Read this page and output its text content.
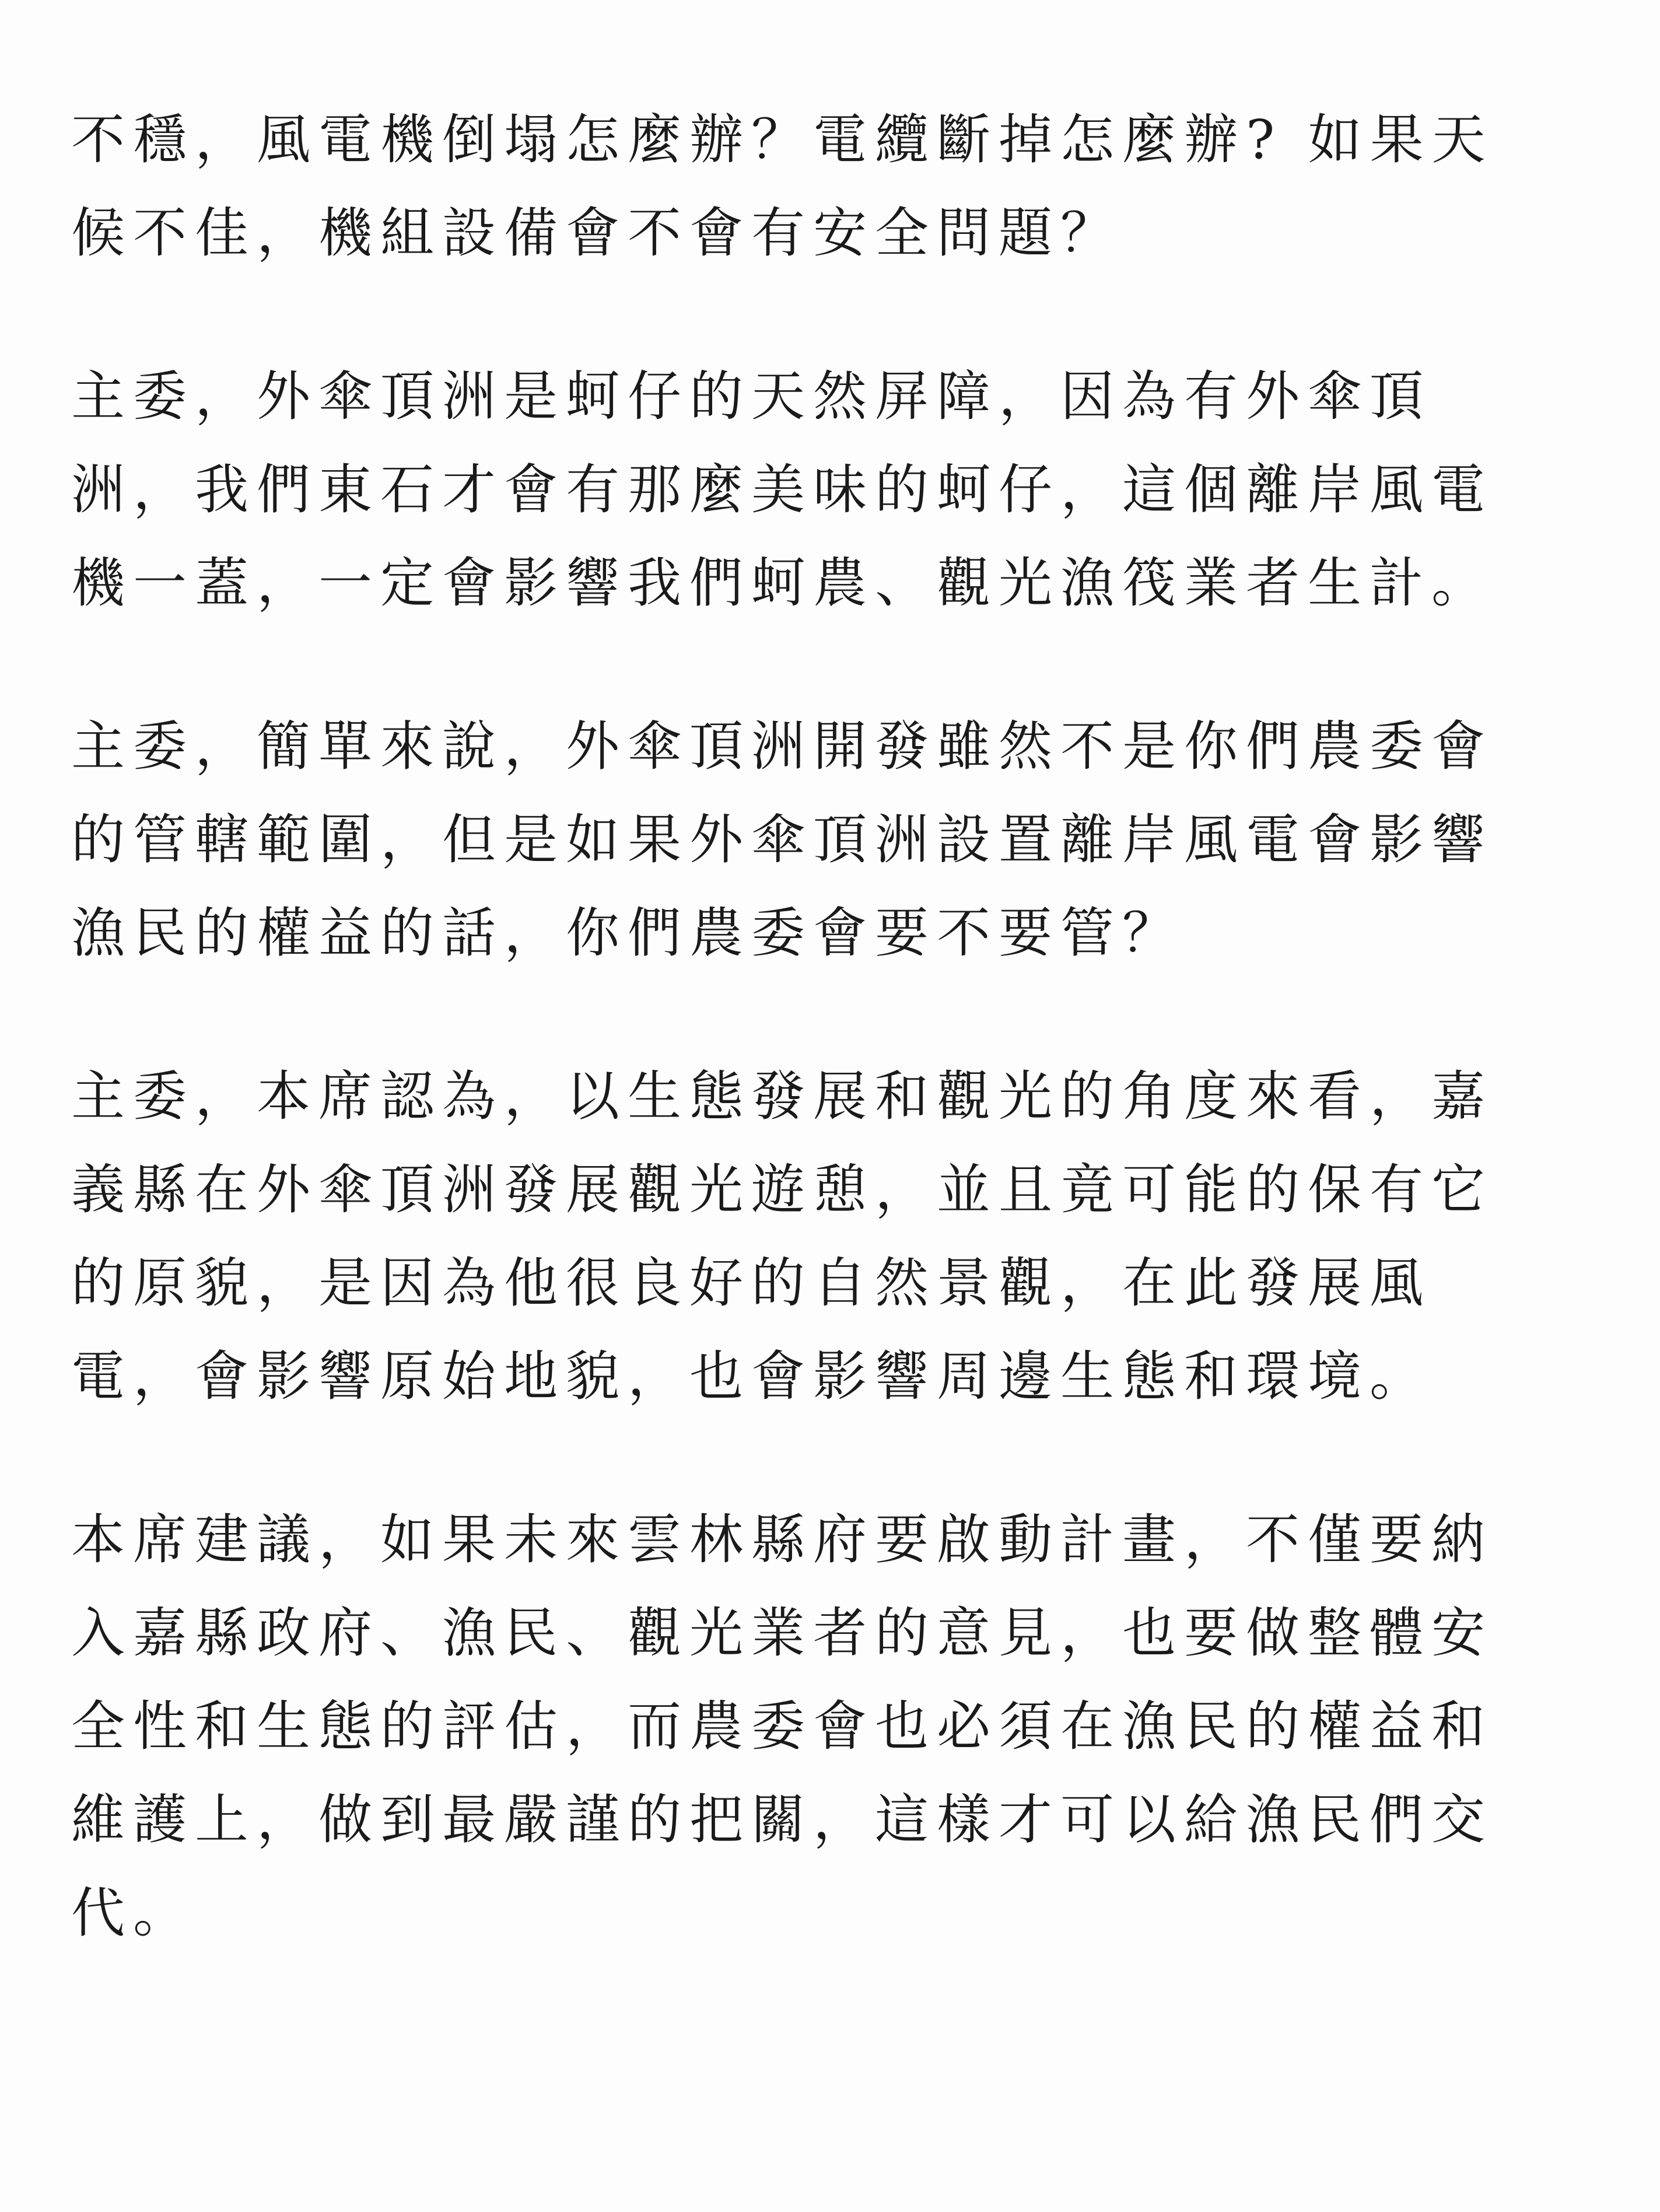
不穩，風電機倒塌怎麼辦？電纜斷掉怎麼辦? 如果天
候不佳，機組設備會不會有安全問題？
主委，外傘頂洲是蚵仔的天然屏障，因為有外傘頂
洲，我們東石才會有那麼美味的蚵仔，這個離岸風電
機一蓋，一定會影響我們蚵農、觀光漁筏業者生計。
主委，簡單來說，外傘頂洲開發雖然不是你們農委會
的管轄範圍，但是如果外傘頂洲設置離岸風電會影響
漁民的權益的話，你們農委會要不要管？
主委，本席認為，以生態發展和觀光的角度來看，嘉
義縣在外傘頂洲發展觀光遊憩，並且竟可能的保有它
的原貌，是因為他很良好的自然景觀，在此發展風
電，會影響原始地貌，也會影響周邊生態和環境。
本席建議，如果未來雲林縣府要啟動計畫，不僅要納
入嘉縣政府、漁民、觀光業者的意見，也要做整體安
全性和生態的評估，而農委會也必須在漁民的權益和
維護上，做到最嚴謹的把關，這樣才可以給漁民們交
代。
